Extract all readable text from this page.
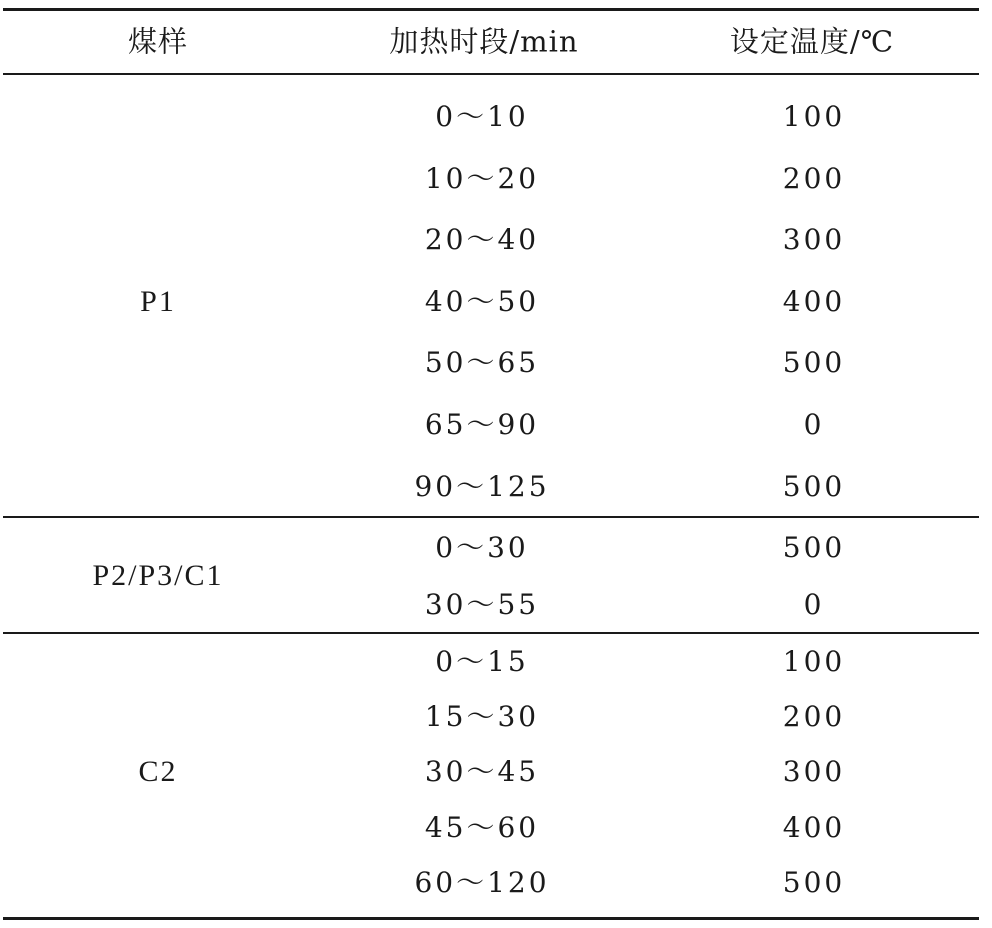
煤样	加热时段/min	设定温度/℃
P1
0～10	100
10～20	200
20～40	300
40～50	400
50～65	500
65～90	0
90～125	500
P2/P3/C1
0～30	500
30～55	0
C2
0～15	100
15～30	200
30～45	300
45～60	400
60～120	500
